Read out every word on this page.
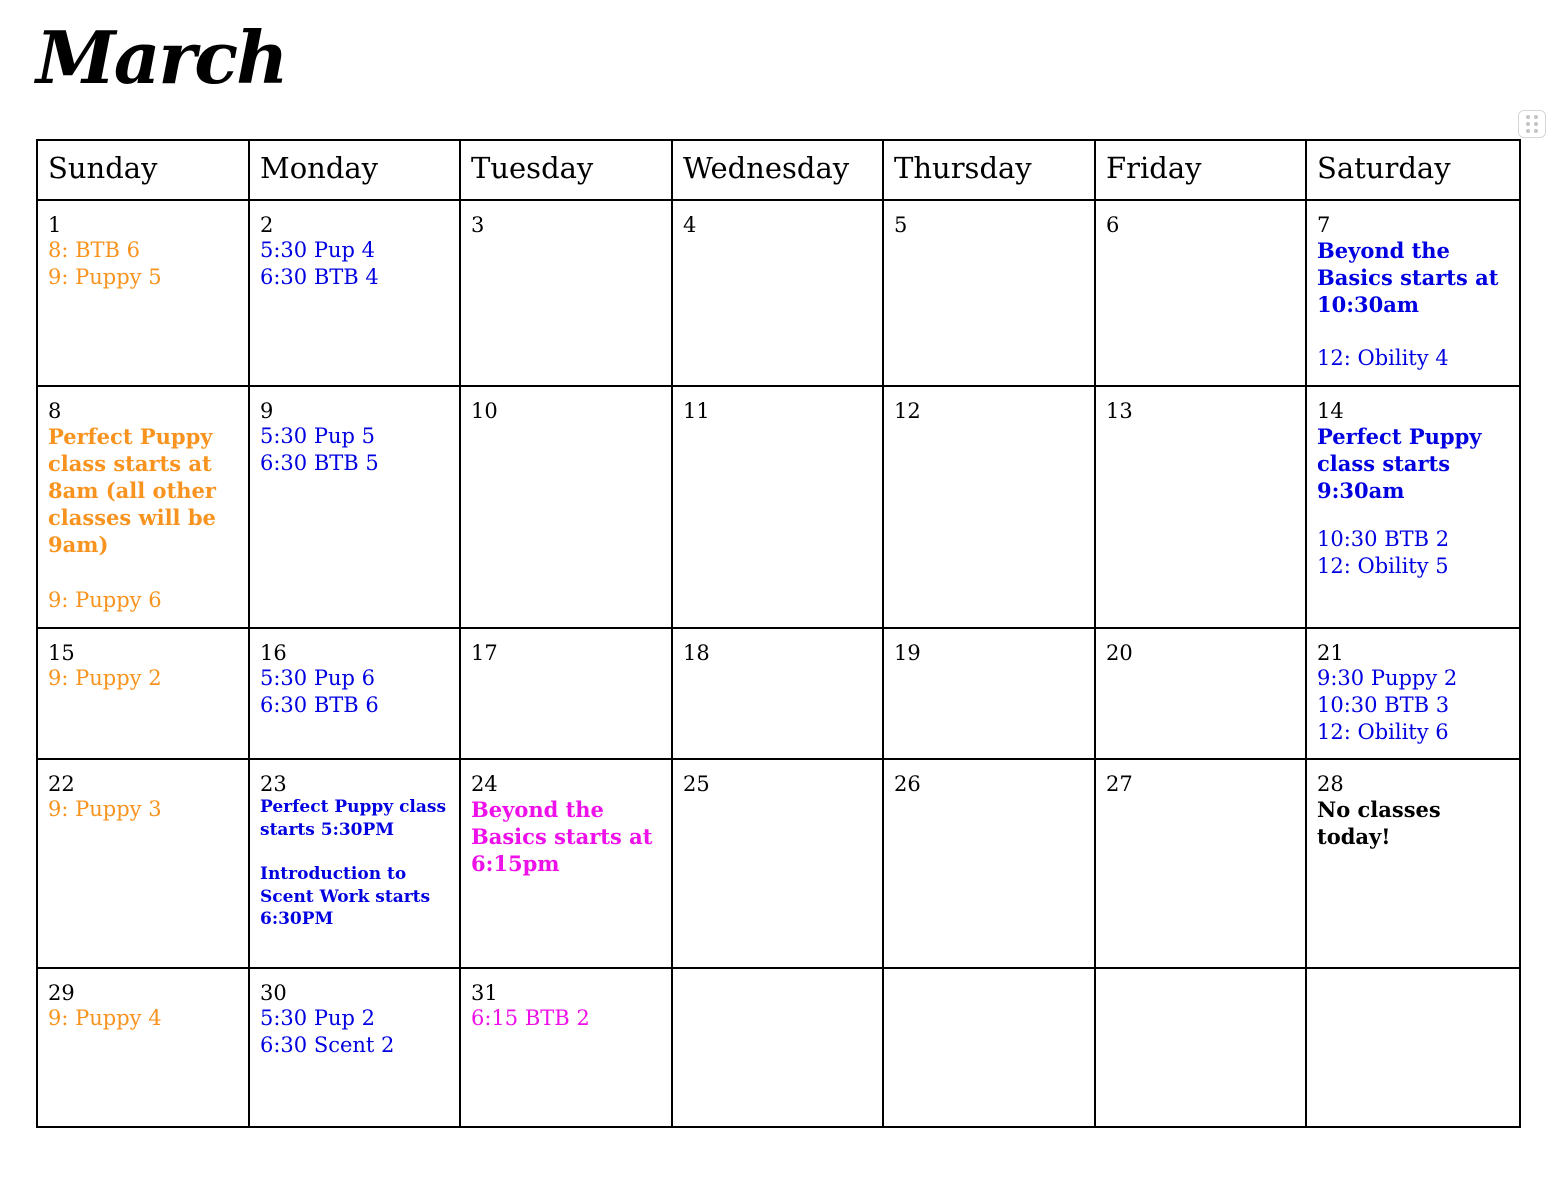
March
Sunday	Monday	Tuesday	Wednesday	Thursday	Friday	Saturday

1
8: BTB 6
9: Puppy 5	2
5:30 Pup 4
6:30 BTB 4	3	4	5	6	7
Beyond the Basics starts at 10:30am
12: Obility 4

8
Perfect Puppy class starts at 8am (all other classes will be 9am)
9: Puppy 6	9
5:30 Pup 5
6:30 BTB 5	10	11	12	13	14
Perfect Puppy class starts 9:30am
10:30 BTB 2
12: Obility 5

15
9: Puppy 2	16
5:30 Pup 6
6:30 BTB 6	17	18	19	20	21
9:30 Puppy 2
10:30 BTB 3
12: Obility 6

22
9: Puppy 3	23
Perfect Puppy class starts 5:30PM
Introduction to Scent Work starts 6:30PM	24
Beyond the Basics starts at 6:15pm	25	26	27	28
No classes today!

29
9: Puppy 4	30
5:30 Pup 2
6:30 Scent 2	31
6:15 BTB 2				
